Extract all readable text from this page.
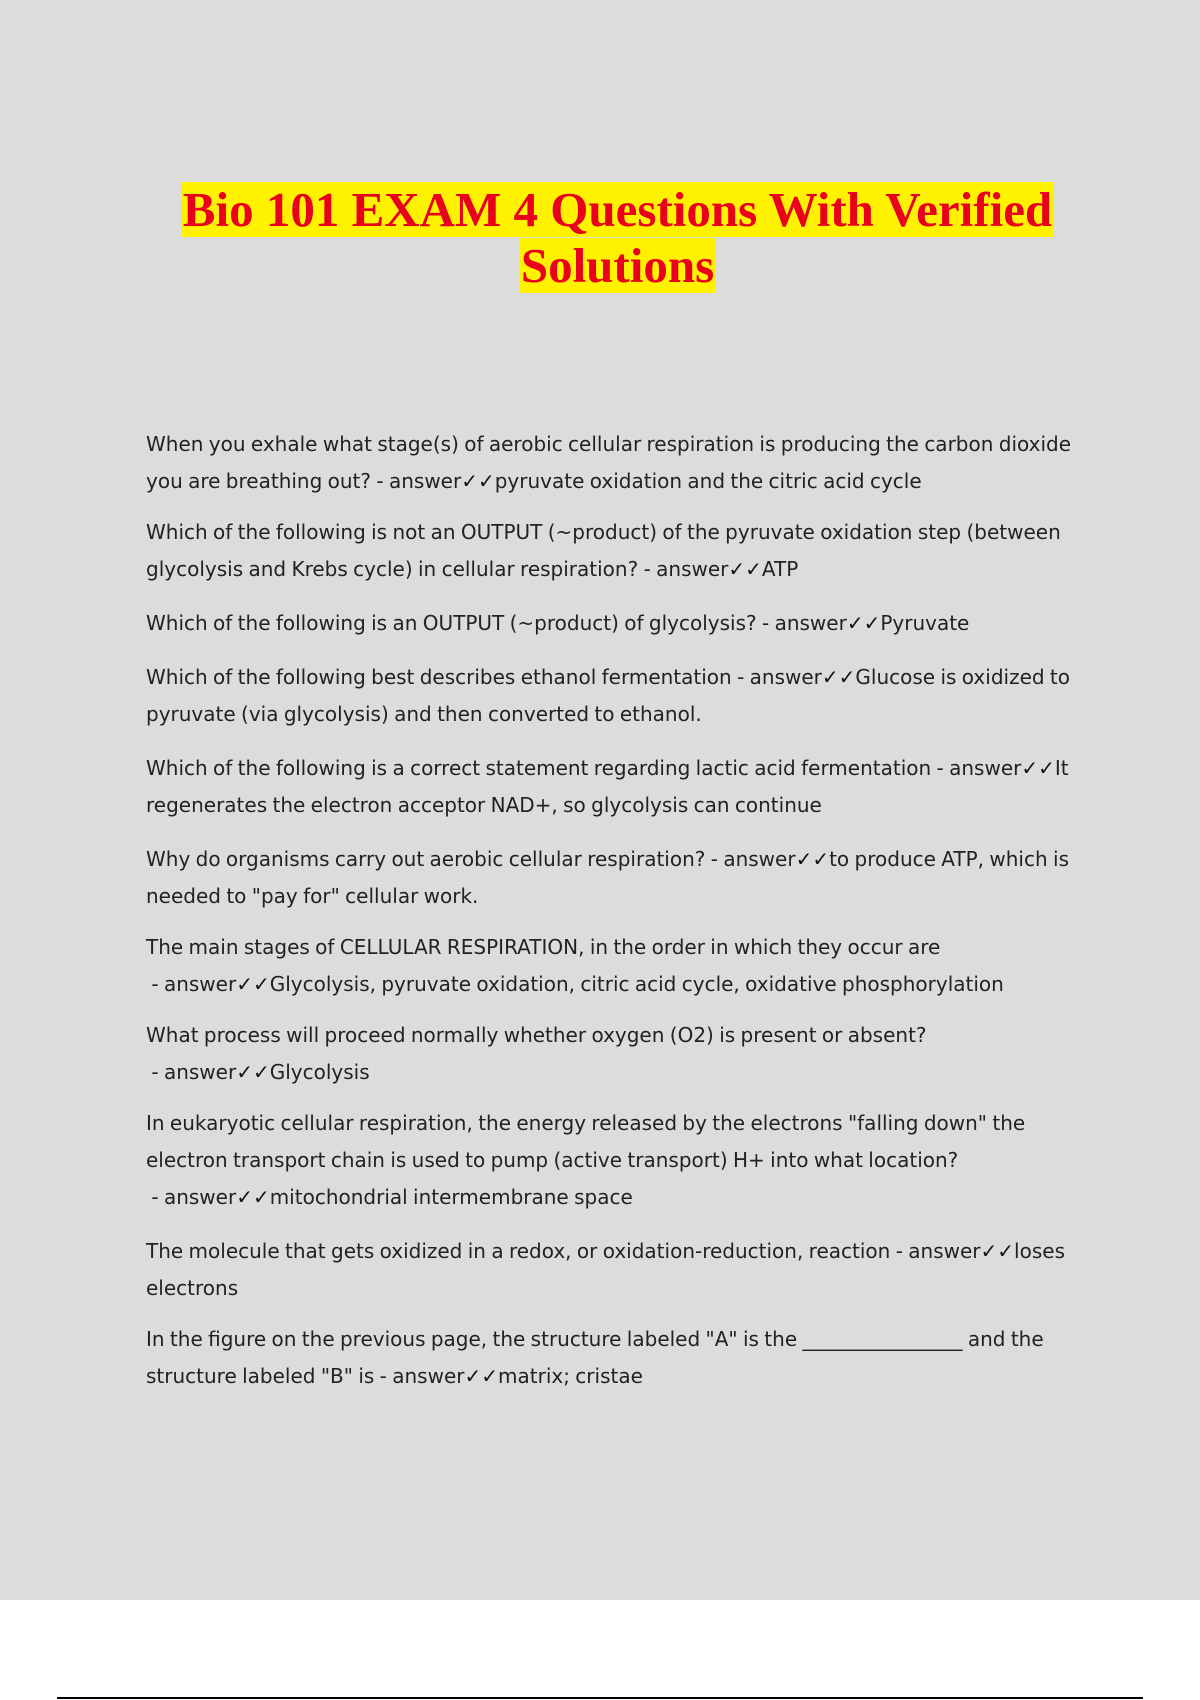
Bio 101 EXAM 4 Questions With Verified
Solutions
When you exhale what stage(s) of aerobic cellular respiration is producing the carbon dioxide you are breathing out? - answer✓✓pyruvate oxidation and the citric acid cycle
Which of the following is not an OUTPUT (~product) of the pyruvate oxidation step (between glycolysis and Krebs cycle) in cellular respiration? - answer✓✓ATP
Which of the following is an OUTPUT (~product) of glycolysis? - answer✓✓Pyruvate
Which of the following best describes ethanol fermentation - answer✓✓Glucose is oxidized to pyruvate (via glycolysis) and then converted to ethanol.
Which of the following is a correct statement regarding lactic acid fermentation - answer✓✓It regenerates the electron acceptor NAD+, so glycolysis can continue
Why do organisms carry out aerobic cellular respiration? - answer✓✓to produce ATP, which is needed to "pay for" cellular work.
The main stages of CELLULAR RESPIRATION, in the order in which they occur are - answer✓✓Glycolysis, pyruvate oxidation, citric acid cycle, oxidative phosphorylation
What process will proceed normally whether oxygen (O2) is present or absent? - answer✓✓Glycolysis
In eukaryotic cellular respiration, the energy released by the electrons "falling down" the electron transport chain is used to pump (active transport) H+ into what location? - answer✓✓mitochondrial intermembrane space
The molecule that gets oxidized in a redox, or oxidation-reduction, reaction - answer✓✓loses electrons
In the figure on the previous page, the structure labeled "A" is the ________________ and the structure labeled "B" is - answer✓✓matrix; cristae
